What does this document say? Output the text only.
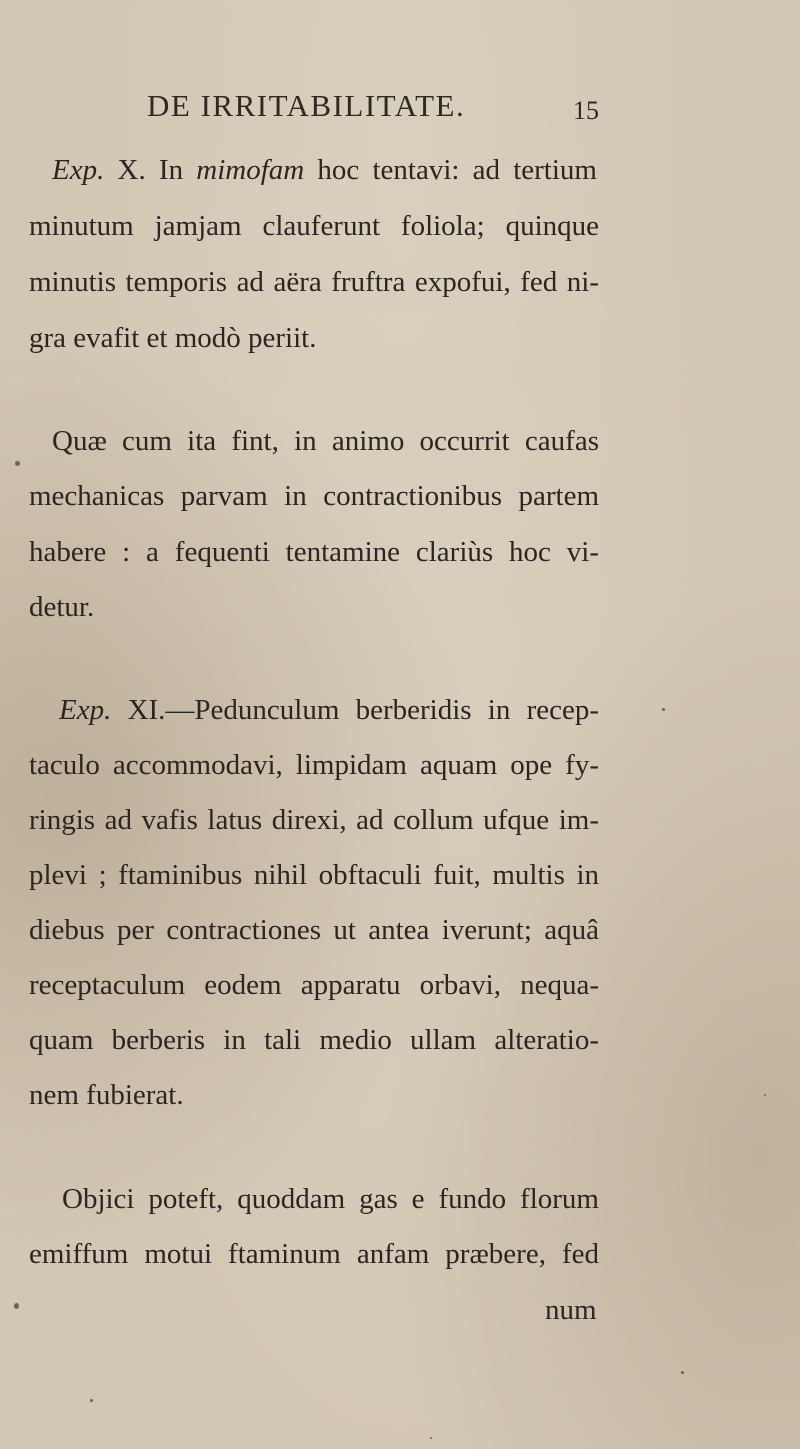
DE IRRITABILITATE.	15
Exp. X. In mimofam hoc tentavi: ad tertium
minutum jamjam clauferunt foliola; quinque
minutis temporis ad aëra fruftra expofui, fed ni-
gra evafit et modò periit.
Quæ cum ita fint, in animo occurrit caufas
mechanicas parvam in contractionibus partem
habere : a fequenti tentamine clariùs hoc vi-
detur.
Exp. XI.—Pedunculum berberidis in recep-
taculo accommodavi, limpidam aquam ope fy-
ringis ad vafis latus direxi, ad collum ufque im-
plevi ; ftaminibus nihil obftaculi fuit, multis in
diebus per contractiones ut antea iverunt; aquâ
receptaculum eodem apparatu orbavi, nequa-
quam berberis in tali medio ullam alteratio-
nem fubierat.
Objici poteft, quoddam gas e fundo florum
emiffum motui ftaminum anfam præbere, fed
num
